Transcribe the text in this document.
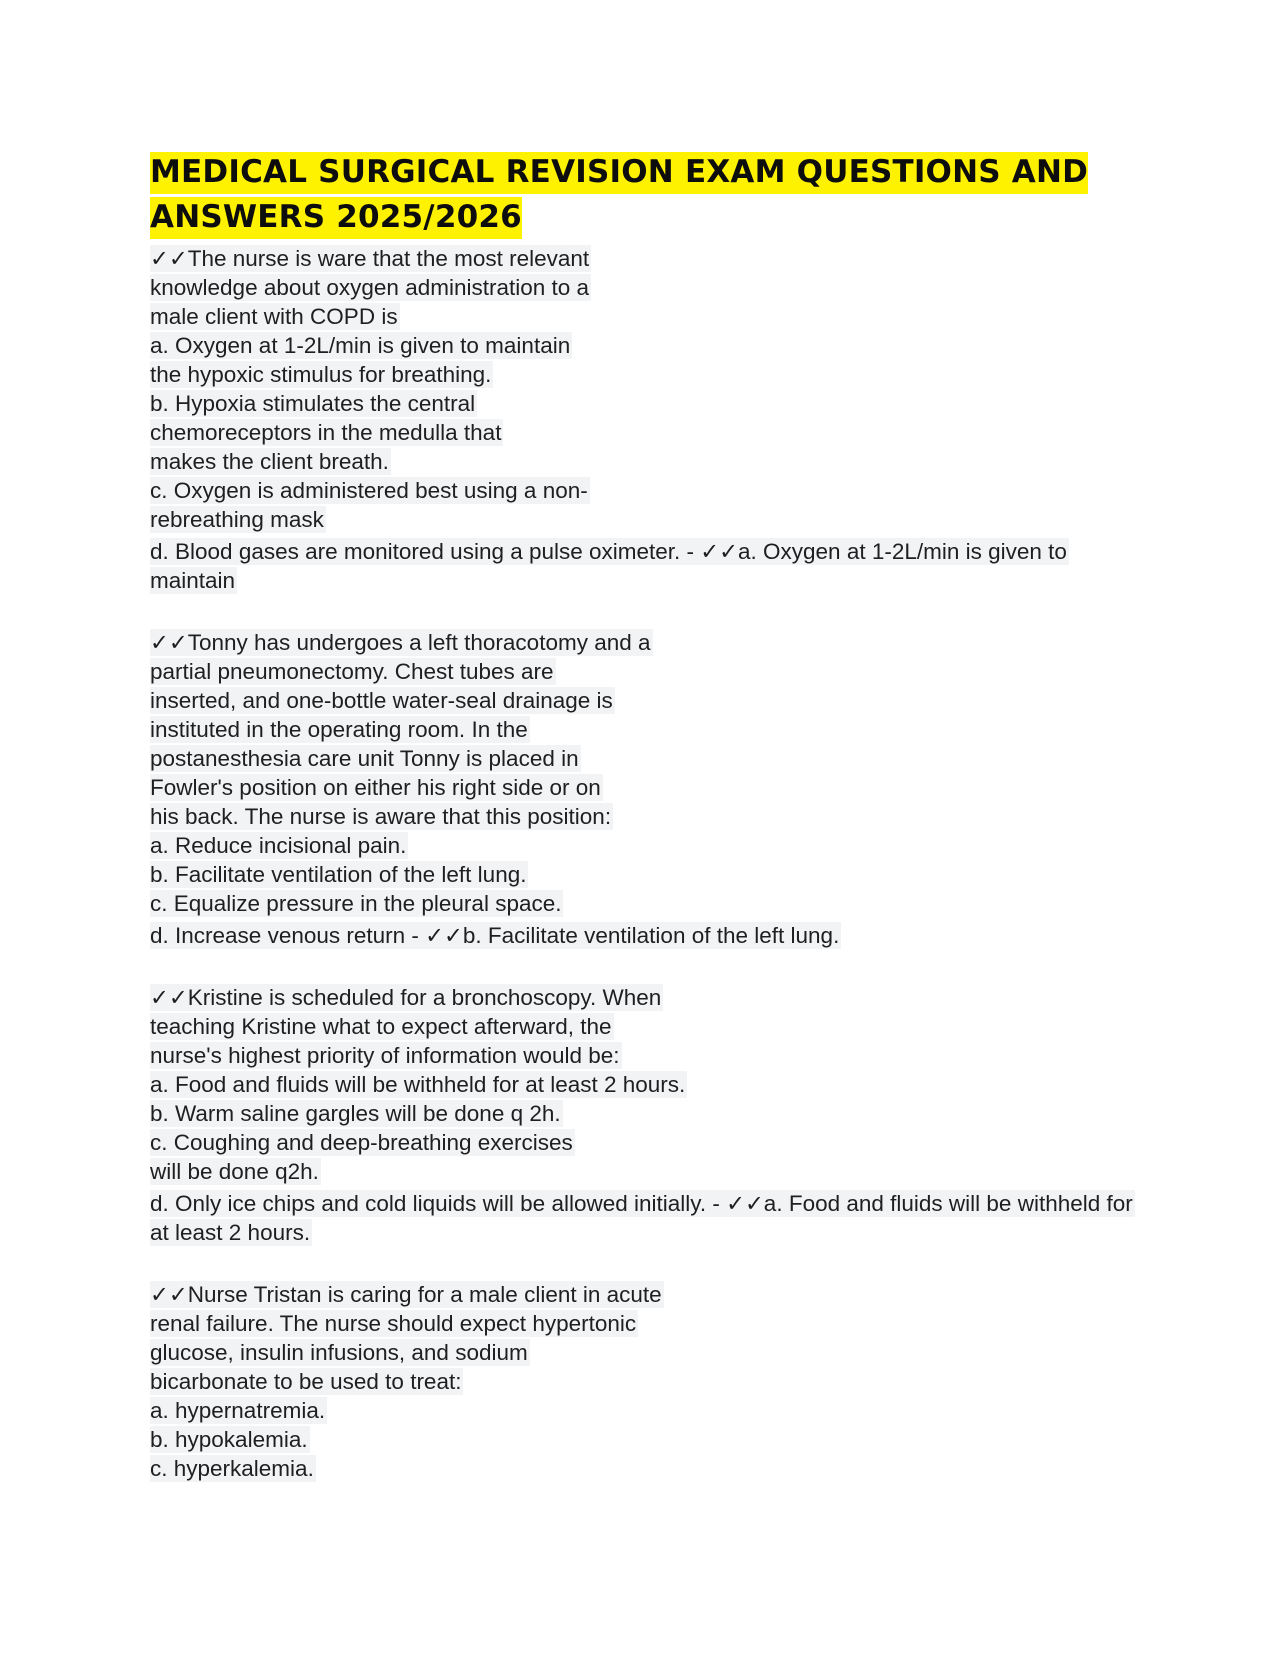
MEDICAL SURGICAL REVISION EXAM QUESTIONS AND
ANSWERS 2025/2026
✓✓The nurse is ware that the most relevant
knowledge about oxygen administration to a
male client with COPD is
a. Oxygen at 1-2L/min is given to maintain
the hypoxic stimulus for breathing.
b. Hypoxia stimulates the central
chemoreceptors in the medulla that
makes the client breath.
c. Oxygen is administered best using a non-
rebreathing mask
d. Blood gases are monitored using a pulse oximeter. - ✓✓a. Oxygen at 1-2L/min is given to maintain
✓✓Tonny has undergoes a left thoracotomy and a
partial pneumonectomy. Chest tubes are
inserted, and one-bottle water-seal drainage is
instituted in the operating room. In the
postanesthesia care unit Tonny is placed in
Fowler's position on either his right side or on
his back. The nurse is aware that this position:
a. Reduce incisional pain.
b. Facilitate ventilation of the left lung.
c. Equalize pressure in the pleural space.
d. Increase venous return - ✓✓b. Facilitate ventilation of the left lung.
✓✓Kristine is scheduled for a bronchoscopy. When
teaching Kristine what to expect afterward, the
nurse's highest priority of information would be:
a. Food and fluids will be withheld for at least 2 hours.
b. Warm saline gargles will be done q 2h.
c. Coughing and deep-breathing exercises
will be done q2h.
d. Only ice chips and cold liquids will be allowed initially. - ✓✓a. Food and fluids will be withheld for at least 2 hours.
✓✓Nurse Tristan is caring for a male client in acute
renal failure. The nurse should expect hypertonic
glucose, insulin infusions, and sodium
bicarbonate to be used to treat:
a. hypernatremia.
b. hypokalemia.
c. hyperkalemia.
